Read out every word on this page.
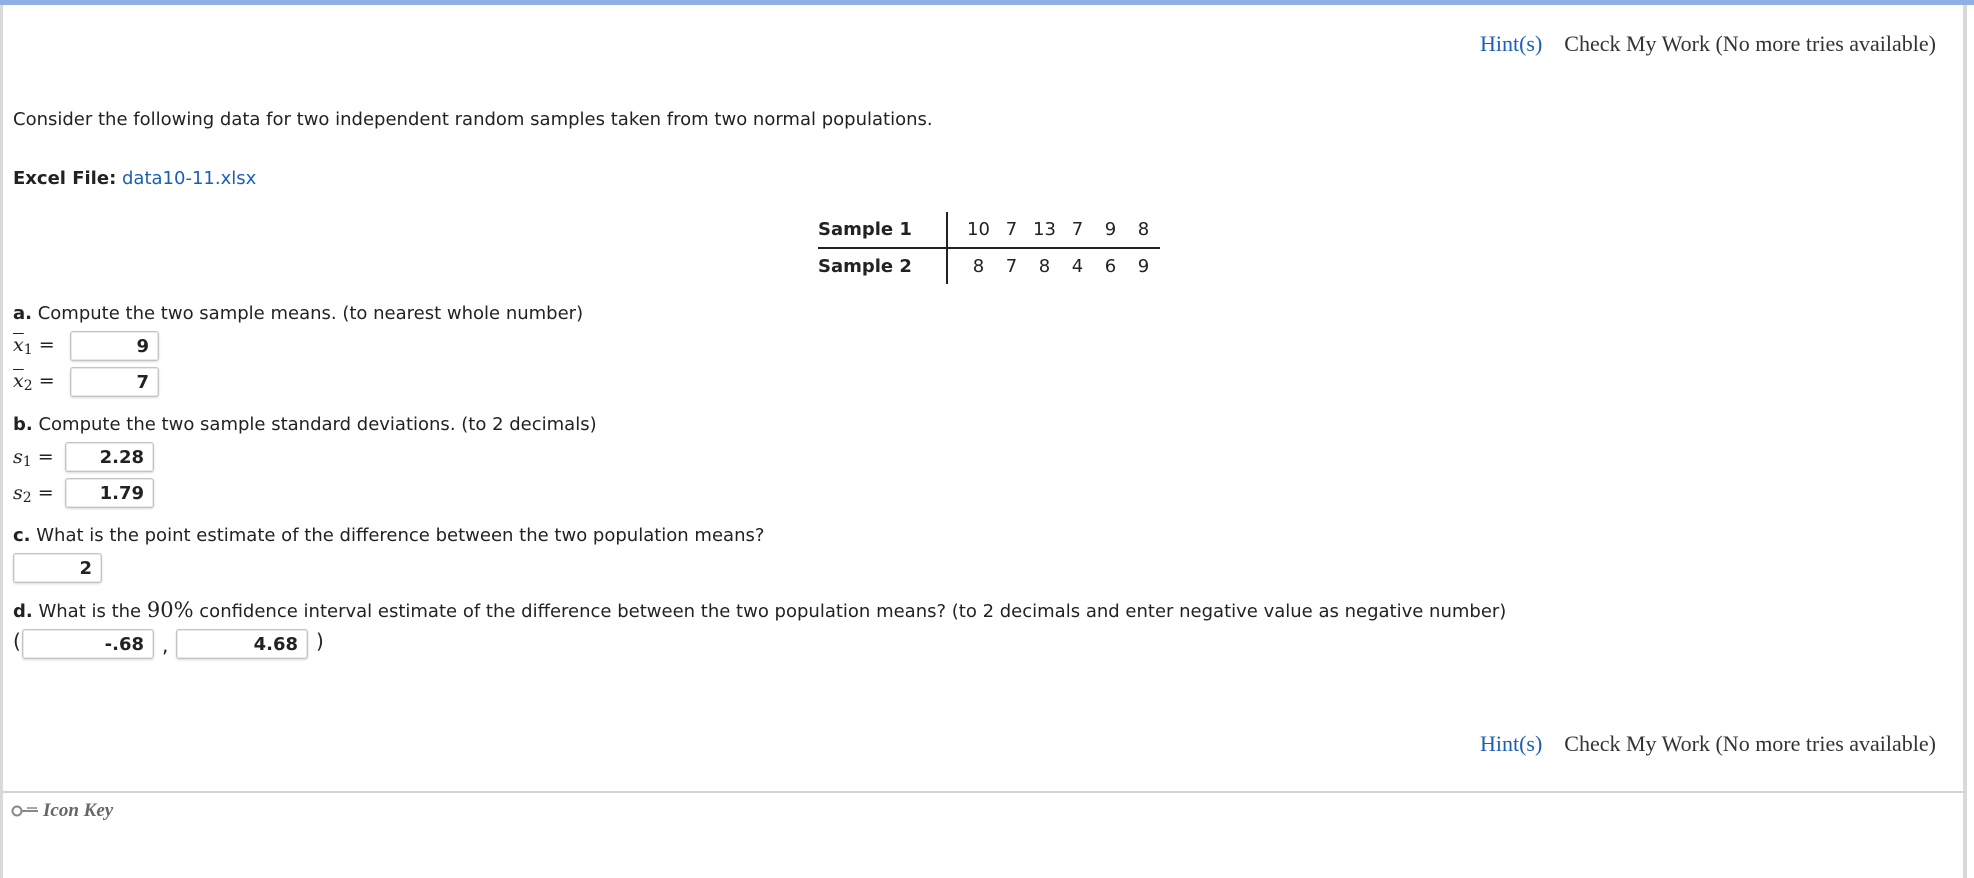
Hint(s) Check My Work (No more tries available)
Consider the following data for two independent random samples taken from two normal populations.
Excel File: data10-11.xlsx
Sample 1		10	7	13	7	9	8
Sample 2		8	7	8	4	6	9
a. Compute the two sample means. (to nearest whole number)
$\overline{x}_1$ =	9
$\overline{x}_2$ =	7
b. Compute the two sample standard deviations. (to 2 decimals)
$s_1$ =	2.28
$s_2$ =	1.79
c. What is the point estimate of the difference between the two population means?
2
d. What is the 90% confidence interval estimate of the difference between the two population means? (to 2 decimals and enter negative value as negative number)
(	-.68 ,	4.68 )
Hint(s) Check My Work (No more tries available)
Icon Key
